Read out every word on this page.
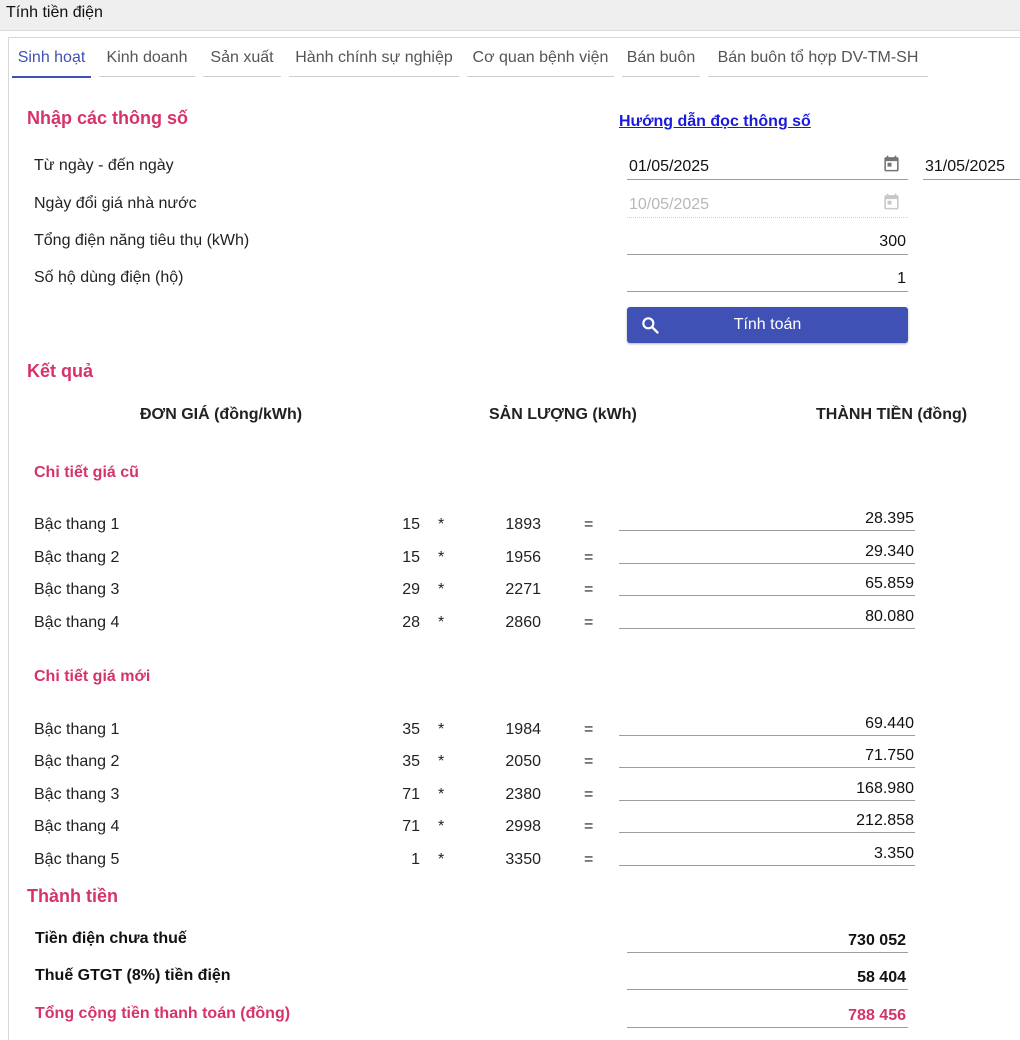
Tính tiền điện
Sinh hoạt	Kinh doanh	Sản xuất	Hành chính sự nghiệp	Cơ quan bệnh viện	Bán buôn	Bán buôn tổ hợp DV-TM-SH
Nhập các thông số	Hướng dẫn đọc thông số
Từ ngày - đến ngày	01/05/2025	31/05/2025
Ngày đổi giá nhà nước	10/05/2025
Tổng điện năng tiêu thụ (kWh)	300
Số hộ dùng điện (hộ)	1
Tính toán
Kết quả
ĐƠN GIÁ (đồng/kWh)	SẢN LƯỢNG (kWh)	THÀNH TIỀN (đồng)
Chi tiết giá cũ
Bậc thang 1	15 *	1893	=	28.395
Bậc thang 2	15 *	1956	=	29.340
Bậc thang 3	29 *	2271	=	65.859
Bậc thang 4	28 *	2860	=	80.080
Chi tiết giá mới
Bậc thang 1	35 *	1984	=	69.440
Bậc thang 2	35 *	2050	=	71.750
Bậc thang 3	71 *	2380	=	168.980
Bậc thang 4	71 *	2998	=	212.858
Bậc thang 5	1 *	3350	=	3.350
Thành tiền
Tiền điện chưa thuế	730 052
Thuế GTGT (8%) tiền điện	58 404
Tổng cộng tiền thanh toán (đồng)	788 456
